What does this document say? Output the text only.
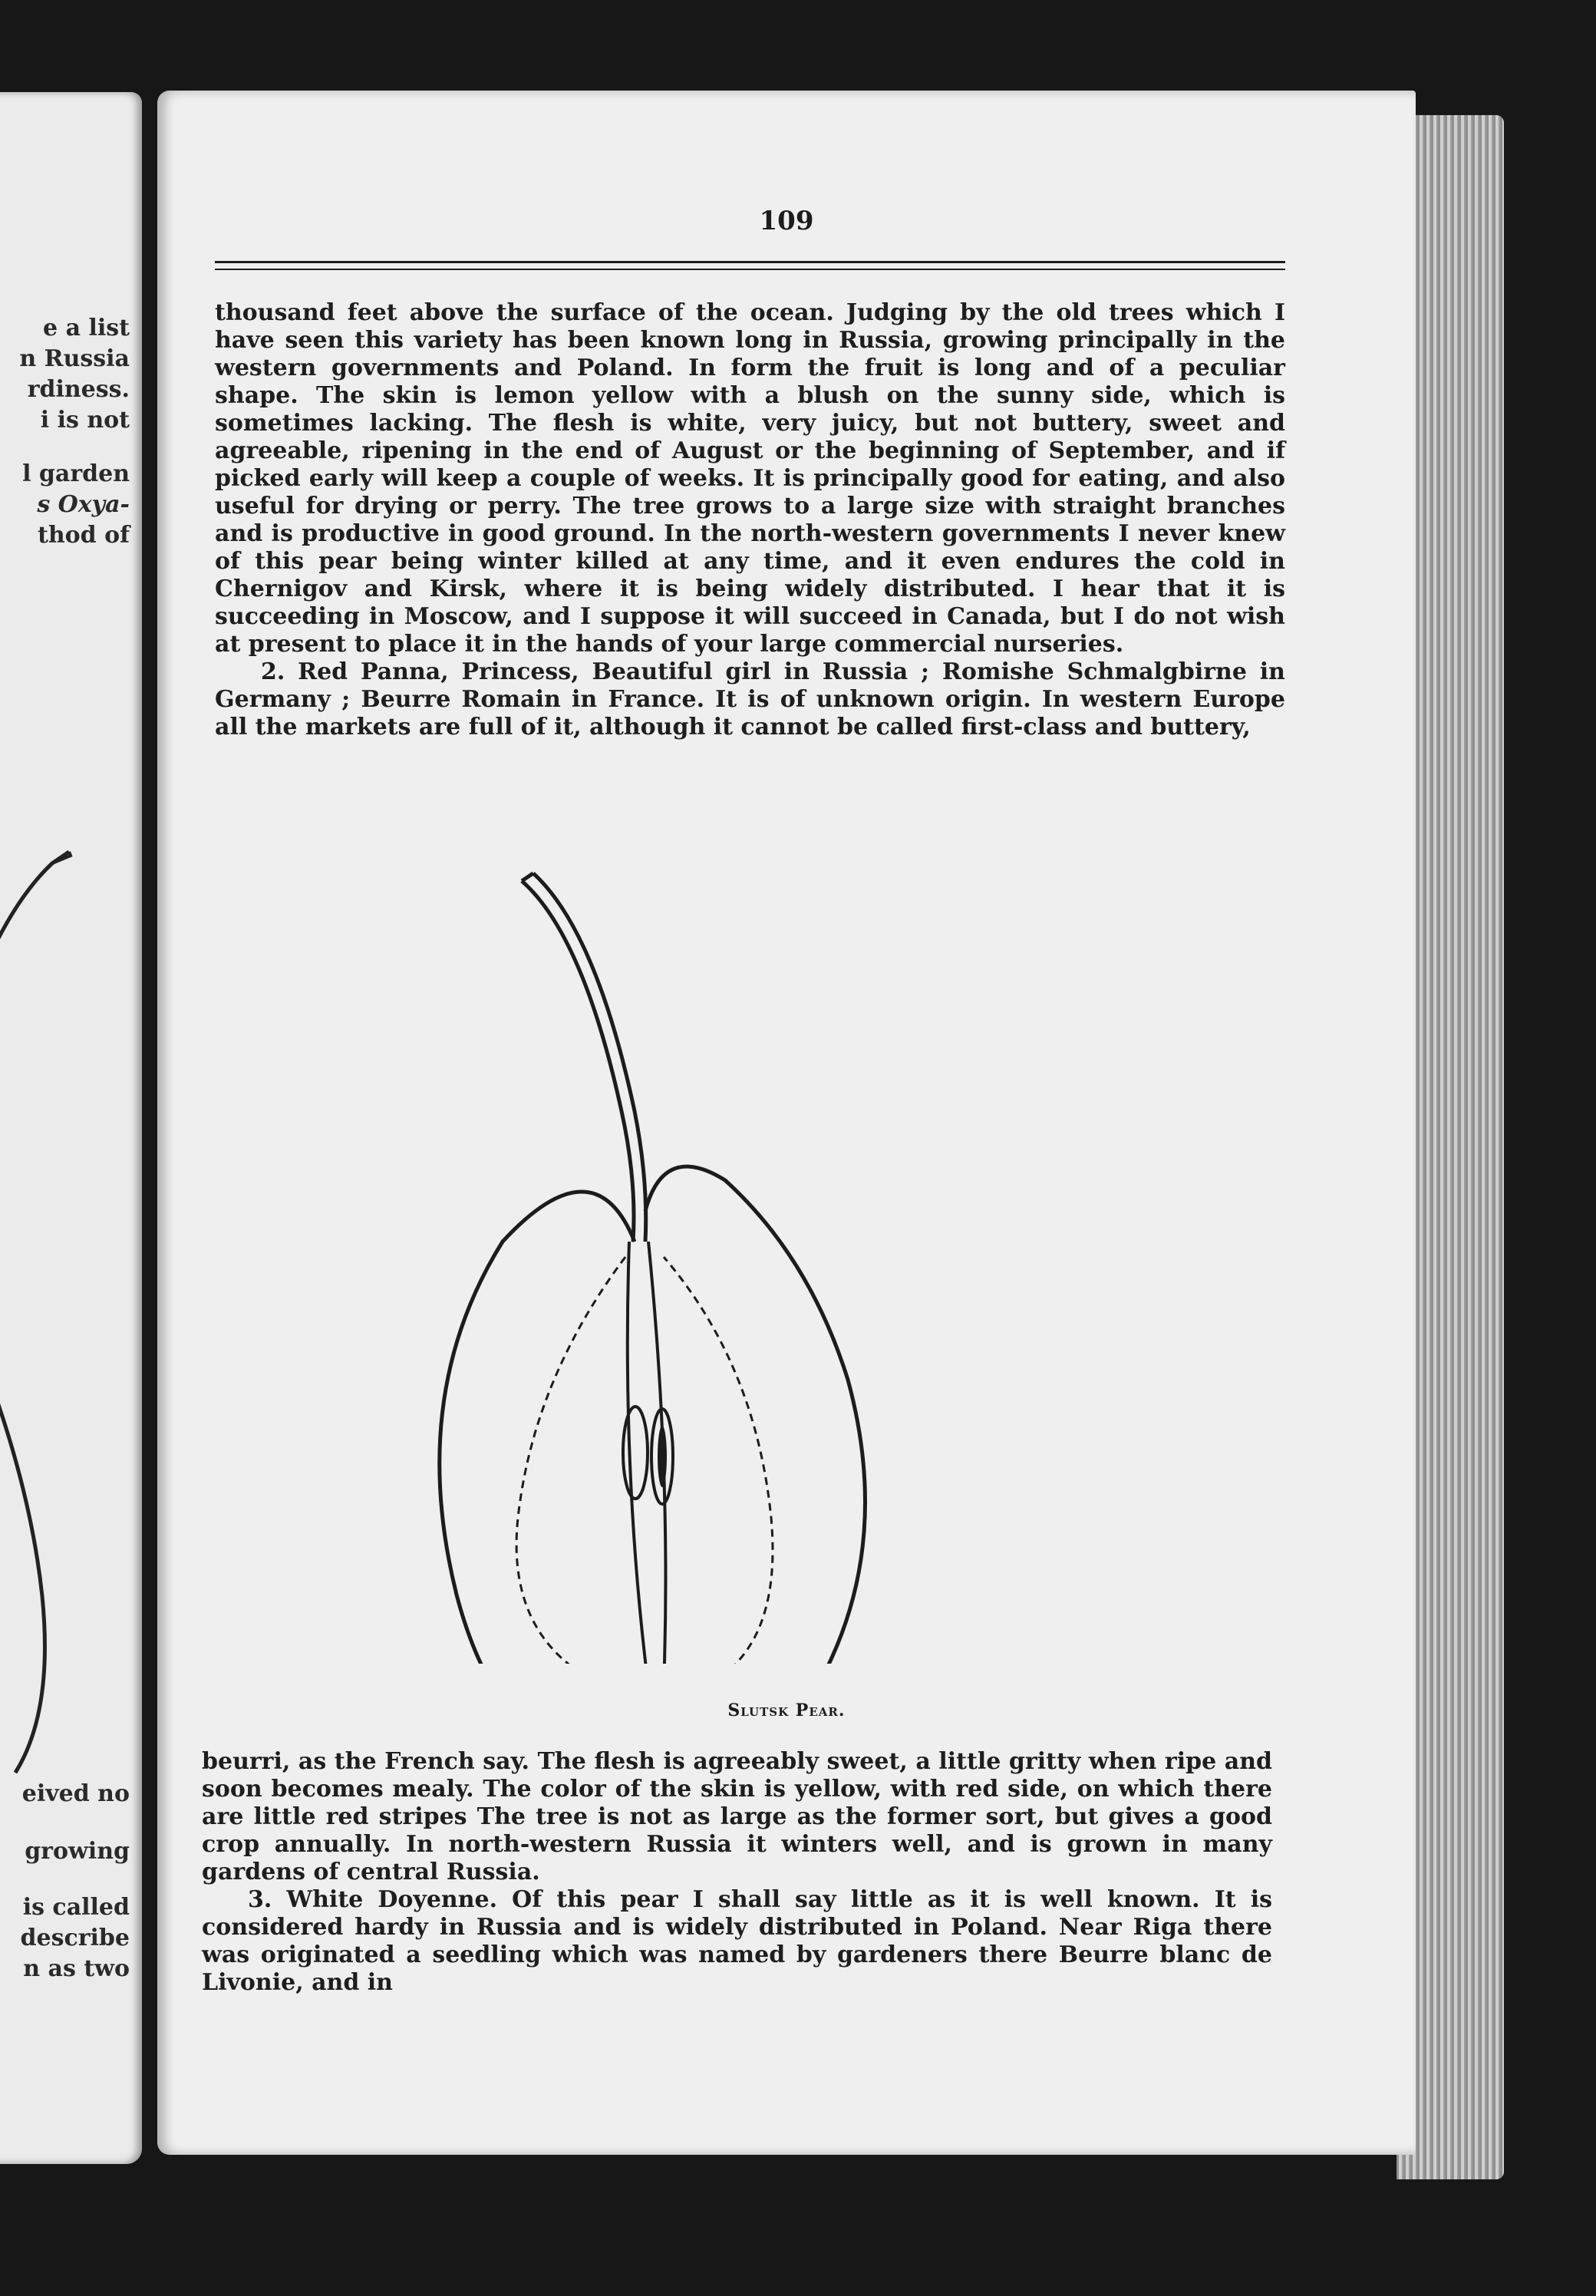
e a list
n Russia
rdiness.
i is not
l garden
s Oxya-
thod of
eived no
growing
is called
describe
n as two
109

thousand feet above the surface of the ocean. Judging by the old trees which I have seen this variety has been known long in Russia, growing principally in the western governments and Poland. In form the fruit is long and of a peculiar shape. The skin is lemon yellow with a blush on the sunny side, which is sometimes lacking. The flesh is white, very juicy, but not buttery, sweet and agreeable, ripening in the end of August or the beginning of September, and if picked early will keep a couple of weeks. It is principally good for eating, and also useful for drying or perry. The tree grows to a large size with straight branches and is productive in good ground. In the north-western governments I never knew of this pear being winter killed at any time, and it even endures the cold in Chernigov and Kirsk, where it is being widely distributed. I hear that it is succeeding in Moscow, and I suppose it will succeed in Canada, but I do not wish at present to place it in the hands of your large commercial nurseries.

2. Red Panna, Princess, Beautiful girl in Russia ; Romishe Schmalgbirne in Germany ; Beurre Romain in France. It is of unknown origin. In western Europe all the markets are full of it, although it cannot be called first-class and buttery,

Slutsk Pear.

beurri, as the French say. The flesh is agreeably sweet, a little gritty when ripe and soon becomes mealy. The color of the skin is yellow, with red side, on which there are little red stripes The tree is not as large as the former sort, but gives a good crop annually. In north-western Russia it winters well, and is grown in many gardens of central Russia.

3. White Doyenne. Of this pear I shall say little as it is well known. It is considered hardy in Russia and is widely distributed in Poland. Near Riga there was originated a seedling which was named by gardeners there Beurre blanc de Livonie, and in
